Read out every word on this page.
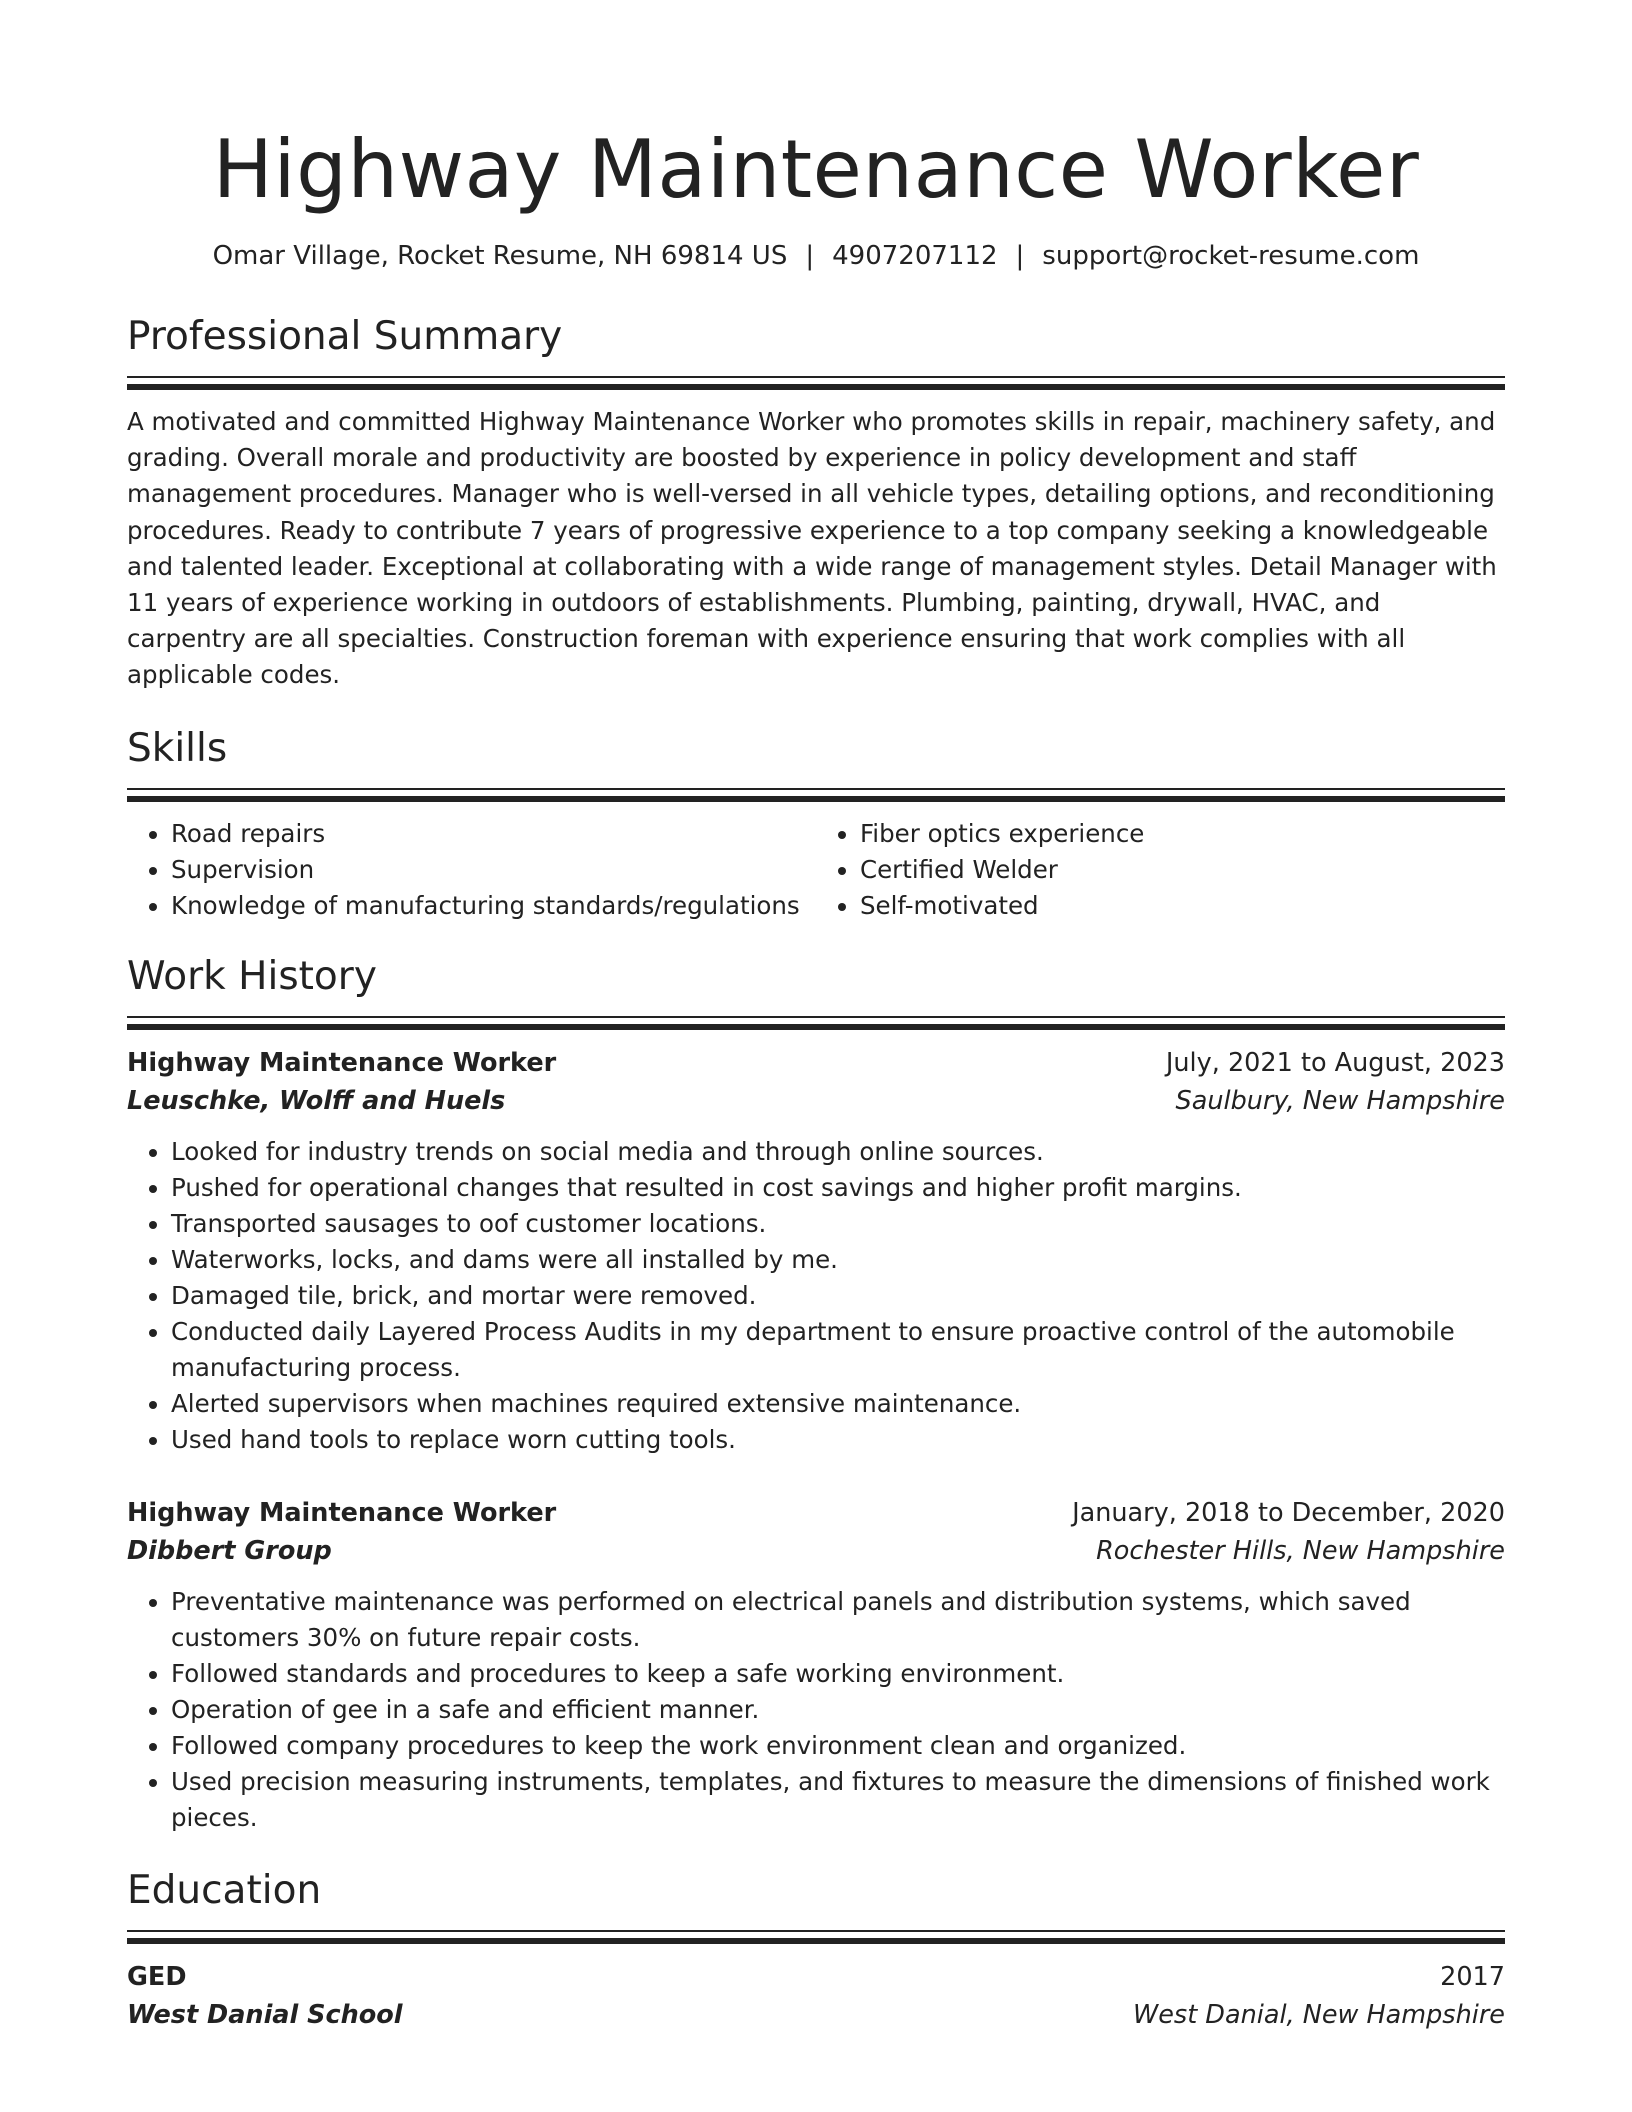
Highway Maintenance Worker
Omar Village, Rocket Resume, NH 69814 US | 4907207112 | support@rocket-resume.com
Professional Summary

A motivated and committed Highway Maintenance Worker who promotes skills in repair, machinery safety, and grading. Overall morale and productivity are boosted by experience in policy development and staff management procedures. Manager who is well-versed in all vehicle types, detailing options, and reconditioning procedures. Ready to contribute 7 years of progressive experience to a top company seeking a knowledgeable and talented leader. Exceptional at collaborating with a wide range of management styles. Detail Manager with 11 years of experience working in outdoors of establishments. Plumbing, painting, drywall, HVAC, and carpentry are all specialties. Construction foreman with experience ensuring that work complies with all applicable codes.

Skills
• Road repairs
• Supervision
• Knowledge of manufacturing standards/regulations
• Fiber optics experience
• Certified Welder
• Self-motivated
Work History
Highway Maintenance Worker	July, 2021 to August, 2023
Leuschke, Wolff and Huels	Saulbury, New Hampshire
• Looked for industry trends on social media and through online sources.
• Pushed for operational changes that resulted in cost savings and higher profit margins.
• Transported sausages to oof customer locations.
• Waterworks, locks, and dams were all installed by me.
• Damaged tile, brick, and mortar were removed.
• Conducted daily Layered Process Audits in my department to ensure proactive control of the automobile manufacturing process.
• Alerted supervisors when machines required extensive maintenance.
• Used hand tools to replace worn cutting tools.
Highway Maintenance Worker	January, 2018 to December, 2020
Dibbert Group	Rochester Hills, New Hampshire
• Preventative maintenance was performed on electrical panels and distribution systems, which saved customers 30% on future repair costs.
• Followed standards and procedures to keep a safe working environment.
• Operation of gee in a safe and efficient manner.
• Followed company procedures to keep the work environment clean and organized.
• Used precision measuring instruments, templates, and fixtures to measure the dimensions of finished work pieces.
Education
GED	2017
West Danial School	West Danial, New Hampshire
